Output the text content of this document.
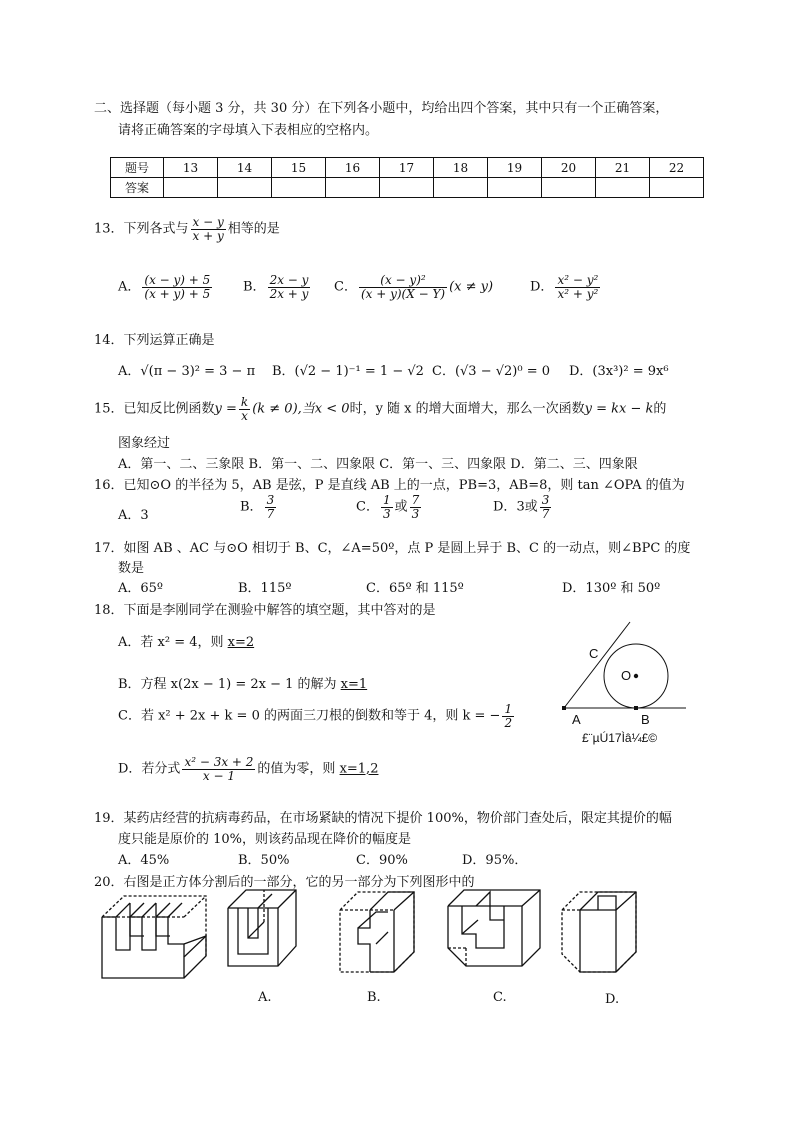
二、选择题（每小题 3 分，共 30 分）在下列各小题中，均给出四个答案，其中只有一个正确答案，
请将正确答案的字母填入下表相应的空格内。
题号	13	14	15	16	17	18	19	20	21	22
答案										
13．下列各式与 $\frac{x - y}{x + y}$ 相等的是
A． $\frac{(x - y) + 5}{(x + y) + 5}$ B． $\frac{2x - y}{2x + y}$ C． $\frac{\text{(x − y)²}}{(x + y)(X - Y)} (x \ne y)$	D． $\frac{\text{x² − y²}}{\text{x² + y²}}$
14．下列运算正确是
A．√(π − 3)² = 3 − π B．(√2 − 1)⁻¹ = 1 − √2 C．(√3 − √2)⁰ = 0 D．(3x³)² = 9x⁶
15．已知反比例函数$y = \frac{k}{x} (k \ne 0)$,当x < 0时，y 随 x 的增大面增大，那么一次函数y = kx − k的
图象经过
A．第一、二、三象限 B．第一、二、四象限 C．第一、三、四象限 D．第二、三、四象限
16．已知⊙O 的半径为 5，AB 是弦，P 是直线 AB 上的一点，PB=3，AB=8，则 tan ∠OPA 的值为
A．3
B． $\frac{3}{7}$	C． $\frac{1}{3}$ 或 $\frac{7}{3}$	D．3或 $\frac{3}{7}$
17．如图 AB 、AC 与⊙O 相切于 B、C，∠A=50º，点 P 是圆上异于 B、C 的一动点，则∠BPC 的度
数是
A．65º	B．115º	C．65º 和 115º	D．130º 和 50º
18．下面是李刚同学在测验中解答的填空题，其中答对的是
A．若 x² = 4，则 x=2
B．方程 x(2x − 1) = 2x − 1 的解为 x=1
C．若 x² + 2x + k = 0 的两面三刀根的倒数和等于 4，则 k = − $\frac{1}{2}$
D．若分式 $\frac{\text{x² − 3x + 2}}{x - 1}$ 的值为零，则 x=1,2
C
O
A	B
£¨µÚ17Ìâ¼£©
19．某药店经营的抗病毒药品，在市场紧缺的情况下提价 100%，物价部门查处后，限定其提价的幅
度只能是原价的 10%，则该药品现在降价的幅度是
A．45%	B．50%	C．90%	D．95%．
20．右图是正方体分割后的一部分，它的另一部分为下列图形中的
A.	B.	C.	D.
